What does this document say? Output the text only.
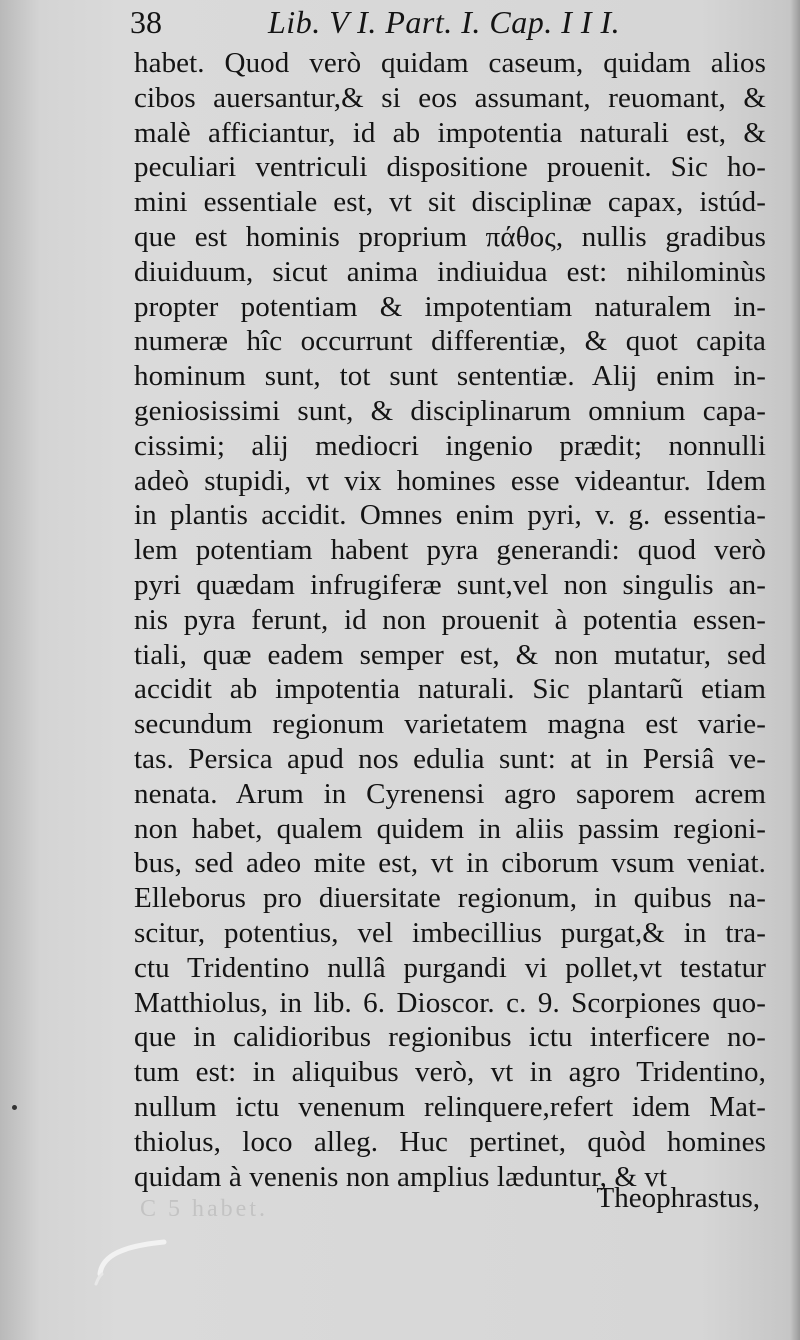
38	Lib. V I. Part. I. Cap. I I I.
habet. Quod verò quidam caseum, quidam alios
cibos auersantur,& si eos assumant, reuomant, &
malè afficiantur, id ab impotentia naturali est, &
peculiari ventriculi dispositione prouenit. Sic ho-
mini essentiale est, vt sit disciplinæ capax, istúd-
que est hominis proprium πάθος, nullis gradibus
diuiduum, sicut anima indiuidua est: nihilominùs
propter potentiam & impotentiam naturalem in-
numeræ hîc occurrunt differentiæ, & quot capita
hominum sunt, tot sunt sententiæ. Alij enim in-
geniosissimi sunt, & disciplinarum omnium capa-
cissimi; alij mediocri ingenio prædit; nonnulli
adeò stupidi, vt vix homines esse videantur. Idem
in plantis accidit. Omnes enim pyri, v. g. essentia-
lem potentiam habent pyra generandi: quod verò
pyri quædam infrugiferæ sunt,vel non singulis an-
nis pyra ferunt, id non prouenit à potentia essen-
tiali, quæ eadem semper est, & non mutatur, sed
accidit ab impotentia naturali. Sic plantarũ etiam
secundum regionum varietatem magna est varie-
tas. Persica apud nos edulia sunt: at in Persiâ ve-
nenata. Arum in Cyrenensi agro saporem acrem
non habet, qualem quidem in aliis passim regioni-
bus, sed adeo mite est, vt in ciborum vsum veniat.
Elleborus pro diuersitate regionum, in quibus na-
scitur, potentius, vel imbecillius purgat,& in tra-
ctu Tridentino nullâ purgandi vi pollet,vt testatur
Matthiolus, in lib. 6. Dioscor. c. 9. Scorpiones quo-
que in calidioribus regionibus ictu interficere no-
tum est: in aliquibus verò, vt in agro Tridentino,
nullum ictu venenum relinquere,refert idem Mat-
thiolus, loco alleg. Huc pertinet, quòd homines
quidam à venenis non amplius læduntur, & vt
Theophrastus,
C 5 habet.
